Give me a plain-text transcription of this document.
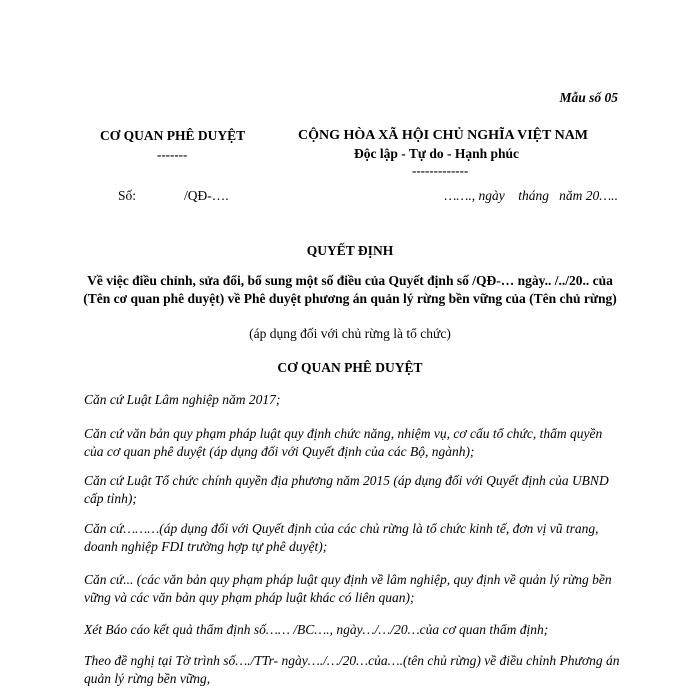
Mẫu số 05
CƠ QUAN PHÊ DUYỆT
-------
CỘNG HÒA XÃ HỘI CHỦ NGHĨA VIỆT NAM
Độc lập - Tự do - Hạnh phúc
-------------
Số:	/QĐ-….	……., ngày    tháng   năm 20…..
QUYẾT ĐỊNH
Về việc điều chỉnh, sửa đổi, bổ sung một số điều của Quyết định số /QĐ-… ngày.. /../20.. của (Tên cơ quan phê duyệt) về Phê duyệt phương án quản lý rừng bền vững của (Tên chủ rừng)
(áp dụng đối với chủ rừng là tổ chức)
CƠ QUAN PHÊ DUYỆT
Căn cứ Luật Lâm nghiệp năm 2017;
Căn cứ văn bản quy phạm pháp luật quy định chức năng, nhiệm vụ, cơ cấu tổ chức, thẩm quyền của cơ quan phê duyệt (áp dụng đối với Quyết định của các Bộ, ngành);
Căn cứ Luật Tổ chức chính quyền địa phương năm 2015 (áp dụng đối với Quyết định của UBND cấp tỉnh);
Căn cứ………(áp dụng đối với Quyết định của các chủ rừng là tổ chức kinh tế, đơn vị vũ trang, doanh nghiệp FDI trường hợp tự phê duyệt);
Căn cứ... (các văn bản quy phạm pháp luật quy định về lâm nghiệp, quy định về quản lý rừng bền vững và các văn bản quy phạm pháp luật khác có liên quan);
Xét Báo cáo kết quả thẩm định số…… /BC…., ngày…/…/20…của cơ quan thẩm định;
Theo đề nghị tại Tờ trình số…./TTr- ngày…./…/20…của….(tên chủ rừng) về điều chỉnh Phương án quản lý rừng bền vững,
